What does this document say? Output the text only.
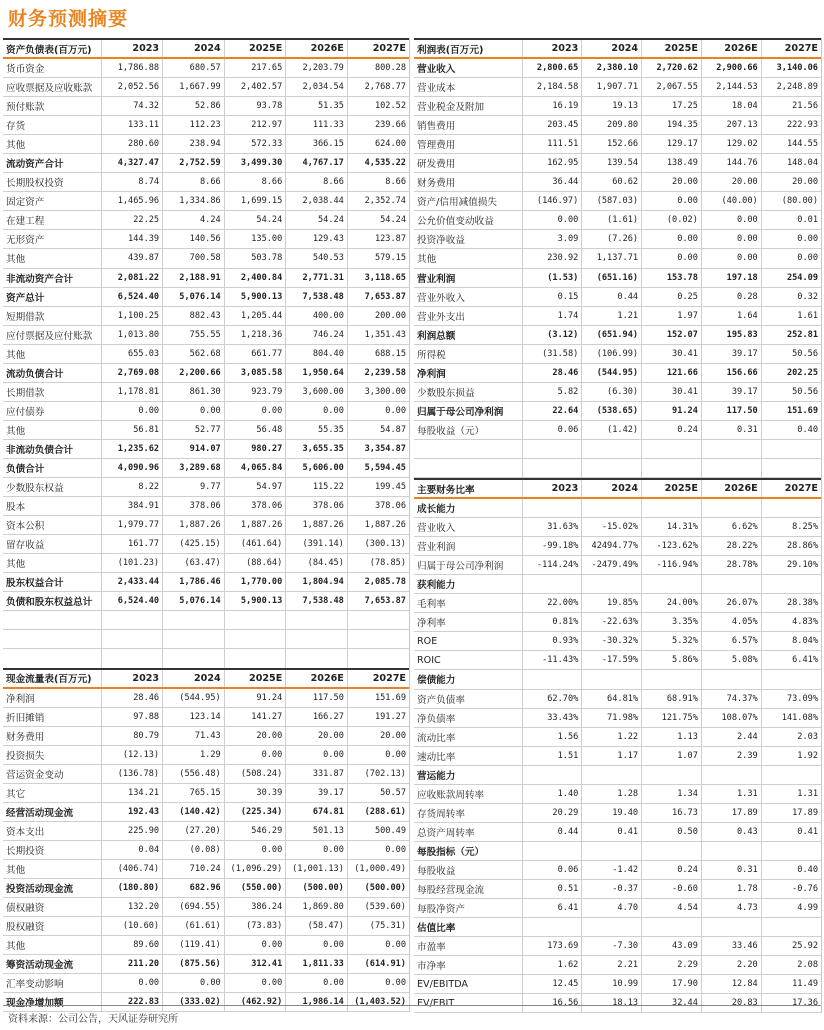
财务预测摘要
资产负债表(百万元)	2023	2024	2025E	2026E	2027E
货币资金	1,786.88	680.57	217.65	2,203.79	800.28
应收票据及应收账款	2,052.56	1,667.99	2,402.57	2,034.54	2,768.77
预付账款	74.32	52.86	93.78	51.35	102.52
存货	133.11	112.23	212.97	111.33	239.66
其他	280.60	238.94	572.33	366.15	624.00
流动资产合计	4,327.47	2,752.59	3,499.30	4,767.17	4,535.22
长期股权投资	8.74	8.66	8.66	8.66	8.66
固定资产	1,465.96	1,334.86	1,699.15	2,038.44	2,352.74
在建工程	22.25	4.24	54.24	54.24	54.24
无形资产	144.39	140.56	135.00	129.43	123.87
其他	439.87	700.58	503.78	540.53	579.15
非流动资产合计	2,081.22	2,188.91	2,400.84	2,771.31	3,118.65
资产总计	6,524.40	5,076.14	5,900.13	7,538.48	7,653.87
短期借款	1,100.25	882.43	1,205.44	400.00	200.00
应付票据及应付账款	1,013.80	755.55	1,218.36	746.24	1,351.43
其他	655.03	562.68	661.77	804.40	688.15
流动负债合计	2,769.08	2,200.66	3,085.58	1,950.64	2,239.58
长期借款	1,178.81	861.30	923.79	3,600.00	3,300.00
应付债券	0.00	0.00	0.00	0.00	0.00
其他	56.81	52.77	56.48	55.35	54.87
非流动负债合计	1,235.62	914.07	980.27	3,655.35	3,354.87
负债合计	4,090.96	3,289.68	4,065.84	5,606.00	5,594.45
少数股东权益	8.22	9.77	54.97	115.22	199.45
股本	384.91	378.06	378.06	378.06	378.06
资本公积	1,979.77	1,887.26	1,887.26	1,887.26	1,887.26
留存收益	161.77	(425.15)	(461.64)	(391.14)	(300.13)
其他	(101.23)	(63.47)	(88.64)	(84.45)	(78.85)
股东权益合计	2,433.44	1,786.46	1,770.00	1,804.94	2,085.78
负债和股东权益总计	6,524.40	5,076.14	5,900.13	7,538.48	7,653.87

现金流量表(百万元)	2023	2024	2025E	2026E	2027E
净利润	28.46	(544.95)	91.24	117.50	151.69
折旧摊销	97.88	123.14	141.27	166.27	191.27
财务费用	80.79	71.43	20.00	20.00	20.00
投资损失	(12.13)	1.29	0.00	0.00	0.00
营运资金变动	(136.78)	(556.48)	(508.24)	331.87	(702.13)
其它	134.21	765.15	30.39	39.17	50.57
经营活动现金流	192.43	(140.42)	(225.34)	674.81	(288.61)
资本支出	225.90	(27.20)	546.29	501.13	500.49
长期投资	0.04	(0.08)	0.00	0.00	0.00
其他	(406.74)	710.24	(1,096.29)	(1,001.13)	(1,000.49)
投资活动现金流	(180.80)	682.96	(550.00)	(500.00)	(500.00)
债权融资	132.20	(694.55)	386.24	1,869.80	(539.60)
股权融资	(10.60)	(61.61)	(73.83)	(58.47)	(75.31)
其他	89.60	(119.41)	0.00	0.00	0.00
筹资活动现金流	211.20	(875.56)	312.41	1,811.33	(614.91)
汇率变动影响	0.00	0.00	0.00	0.00	0.00
现金净增加额	222.83	(333.02)	(462.92)	1,986.14	(1,403.52)
利润表(百万元)	2023	2024	2025E	2026E	2027E
营业收入	2,800.65	2,380.10	2,720.62	2,900.66	3,140.06
营业成本	2,184.58	1,907.71	2,067.55	2,144.53	2,248.89
营业税金及附加	16.19	19.13	17.25	18.04	21.56
销售费用	203.45	209.80	194.35	207.13	222.93
管理费用	111.51	152.66	129.17	129.02	144.55
研发费用	162.95	139.54	138.49	144.76	148.04
财务费用	36.44	60.62	20.00	20.00	20.00
资产/信用减值损失	(146.97)	(587.03)	0.00	(40.00)	(80.00)
公允价值变动收益	0.00	(1.61)	(0.02)	0.00	0.01
投资净收益	3.09	(7.26)	0.00	0.00	0.00
其他	230.92	1,137.71	0.00	0.00	0.00
营业利润	(1.53)	(651.16)	153.78	197.18	254.09
营业外收入	0.15	0.44	0.25	0.28	0.32
营业外支出	1.74	1.21	1.97	1.64	1.61
利润总额	(3.12)	(651.94)	152.07	195.83	252.81
所得税	(31.58)	(106.99)	30.41	39.17	50.56
净利润	28.46	(544.95)	121.66	156.66	202.25
少数股东损益	5.82	(6.30)	30.41	39.17	50.56
归属于母公司净利润	22.64	(538.65)	91.24	117.50	151.69
每股收益（元）	0.06	(1.42)	0.24	0.31	0.40

主要财务比率	2023	2024	2025E	2026E	2027E
成长能力					
营业收入	31.63%	-15.02%	14.31%	6.62%	8.25%
营业利润	-99.18%	42494.77%	-123.62%	28.22%	28.86%
归属于母公司净利润	-114.24%	-2479.49%	-116.94%	28.78%	29.10%
获利能力					
毛利率	22.00%	19.85%	24.00%	26.07%	28.38%
净利率	0.81%	-22.63%	3.35%	4.05%	4.83%
ROE	0.93%	-30.32%	5.32%	6.57%	8.04%
ROIC	-11.43%	-17.59%	5.86%	5.08%	6.41%
偿债能力					
资产负债率	62.70%	64.81%	68.91%	74.37%	73.09%
净负债率	33.43%	71.98%	121.75%	108.07%	141.08%
流动比率	1.56	1.22	1.13	2.44	2.03
速动比率	1.51	1.17	1.07	2.39	1.92
营运能力					
应收账款周转率	1.40	1.28	1.34	1.31	1.31
存货周转率	20.29	19.40	16.73	17.89	17.89
总资产周转率	0.44	0.41	0.50	0.43	0.41
每股指标（元）					
每股收益	0.06	-1.42	0.24	0.31	0.40
每股经营现金流	0.51	-0.37	-0.60	1.78	-0.76
每股净资产	6.41	4.70	4.54	4.73	4.99
估值比率					
市盈率	173.69	-7.30	43.09	33.46	25.92
市净率	1.62	2.21	2.29	2.20	2.08
EV/EBITDA	12.45	10.99	17.90	12.84	11.49
EV/EBIT	16.56	18.13	32.44	20.83	17.36
资料来源：公司公告，天风证券研究所
